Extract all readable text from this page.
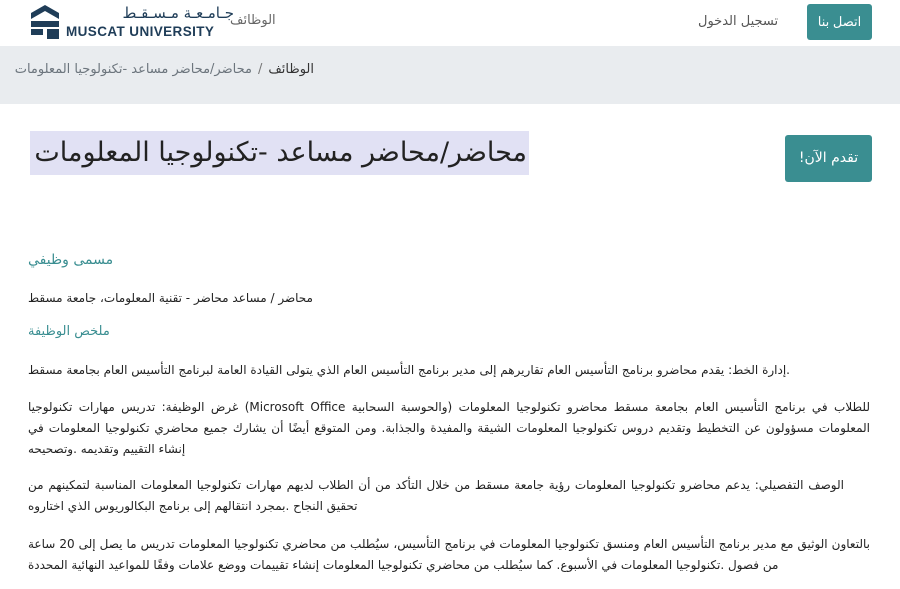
جـامـعـة مـسـقـط
MUSCAT UNIVERSITY
الوظائف	تسجيل الدخول	اتصل بنا
الوظائف/محاضر/محاضر مساعد -تكنولوجيا المعلومات
محاضر/محاضر مساعد -تكنولوجيا المعلومات	!تقدم الآن
مسمى وظيفي
محاضر / مساعد محاضر - تقنية المعلومات، جامعة مسقط
ملخص الوظيفة
.إدارة الخط: يقدم محاضرو برنامج التأسيس العام تقاريرهم إلى مدير برنامج التأسيس العام الذي يتولى القيادة العامة لبرنامج التأسيس العام بجامعة مسقط
للطلاب في برنامج التأسيس العام بجامعة مسقط محاضرو تكنولوجيا المعلومات (والحوسبة السحابية Microsoft Office) غرض الوظيفة: تدريس مهارات تكنولوجيا المعلومات مسؤولون عن التخطيط وتقديم دروس تكنولوجيا المعلومات الشيقة والمفيدة والجذابة. ومن المتوقع أيضًا أن يشارك جميع محاضري تكنولوجيا المعلومات في إنشاء التقييم وتقديمه .وتصحيحه
الوصف التفصيلي: يدعم محاضرو تكنولوجيا المعلومات رؤية جامعة مسقط من خلال التأكد من أن الطلاب لديهم مهارات تكنولوجيا المعلومات المناسبة لتمكينهم من تحقيق النجاح .بمجرد انتقالهم إلى برنامج البكالوريوس الذي اختاروه
بالتعاون الوثيق مع مدير برنامج التأسيس العام ومنسق تكنولوجيا المعلومات في برنامج التأسيس، سيُطلب من محاضري تكنولوجيا المعلومات تدريس ما يصل إلى 20 ساعة من فصول .تكنولوجيا المعلومات في الأسبوع. كما سيُطلب من محاضري تكنولوجيا المعلومات إنشاء تقييمات ووضع علامات وفقًا للمواعيد النهائية المحددة
